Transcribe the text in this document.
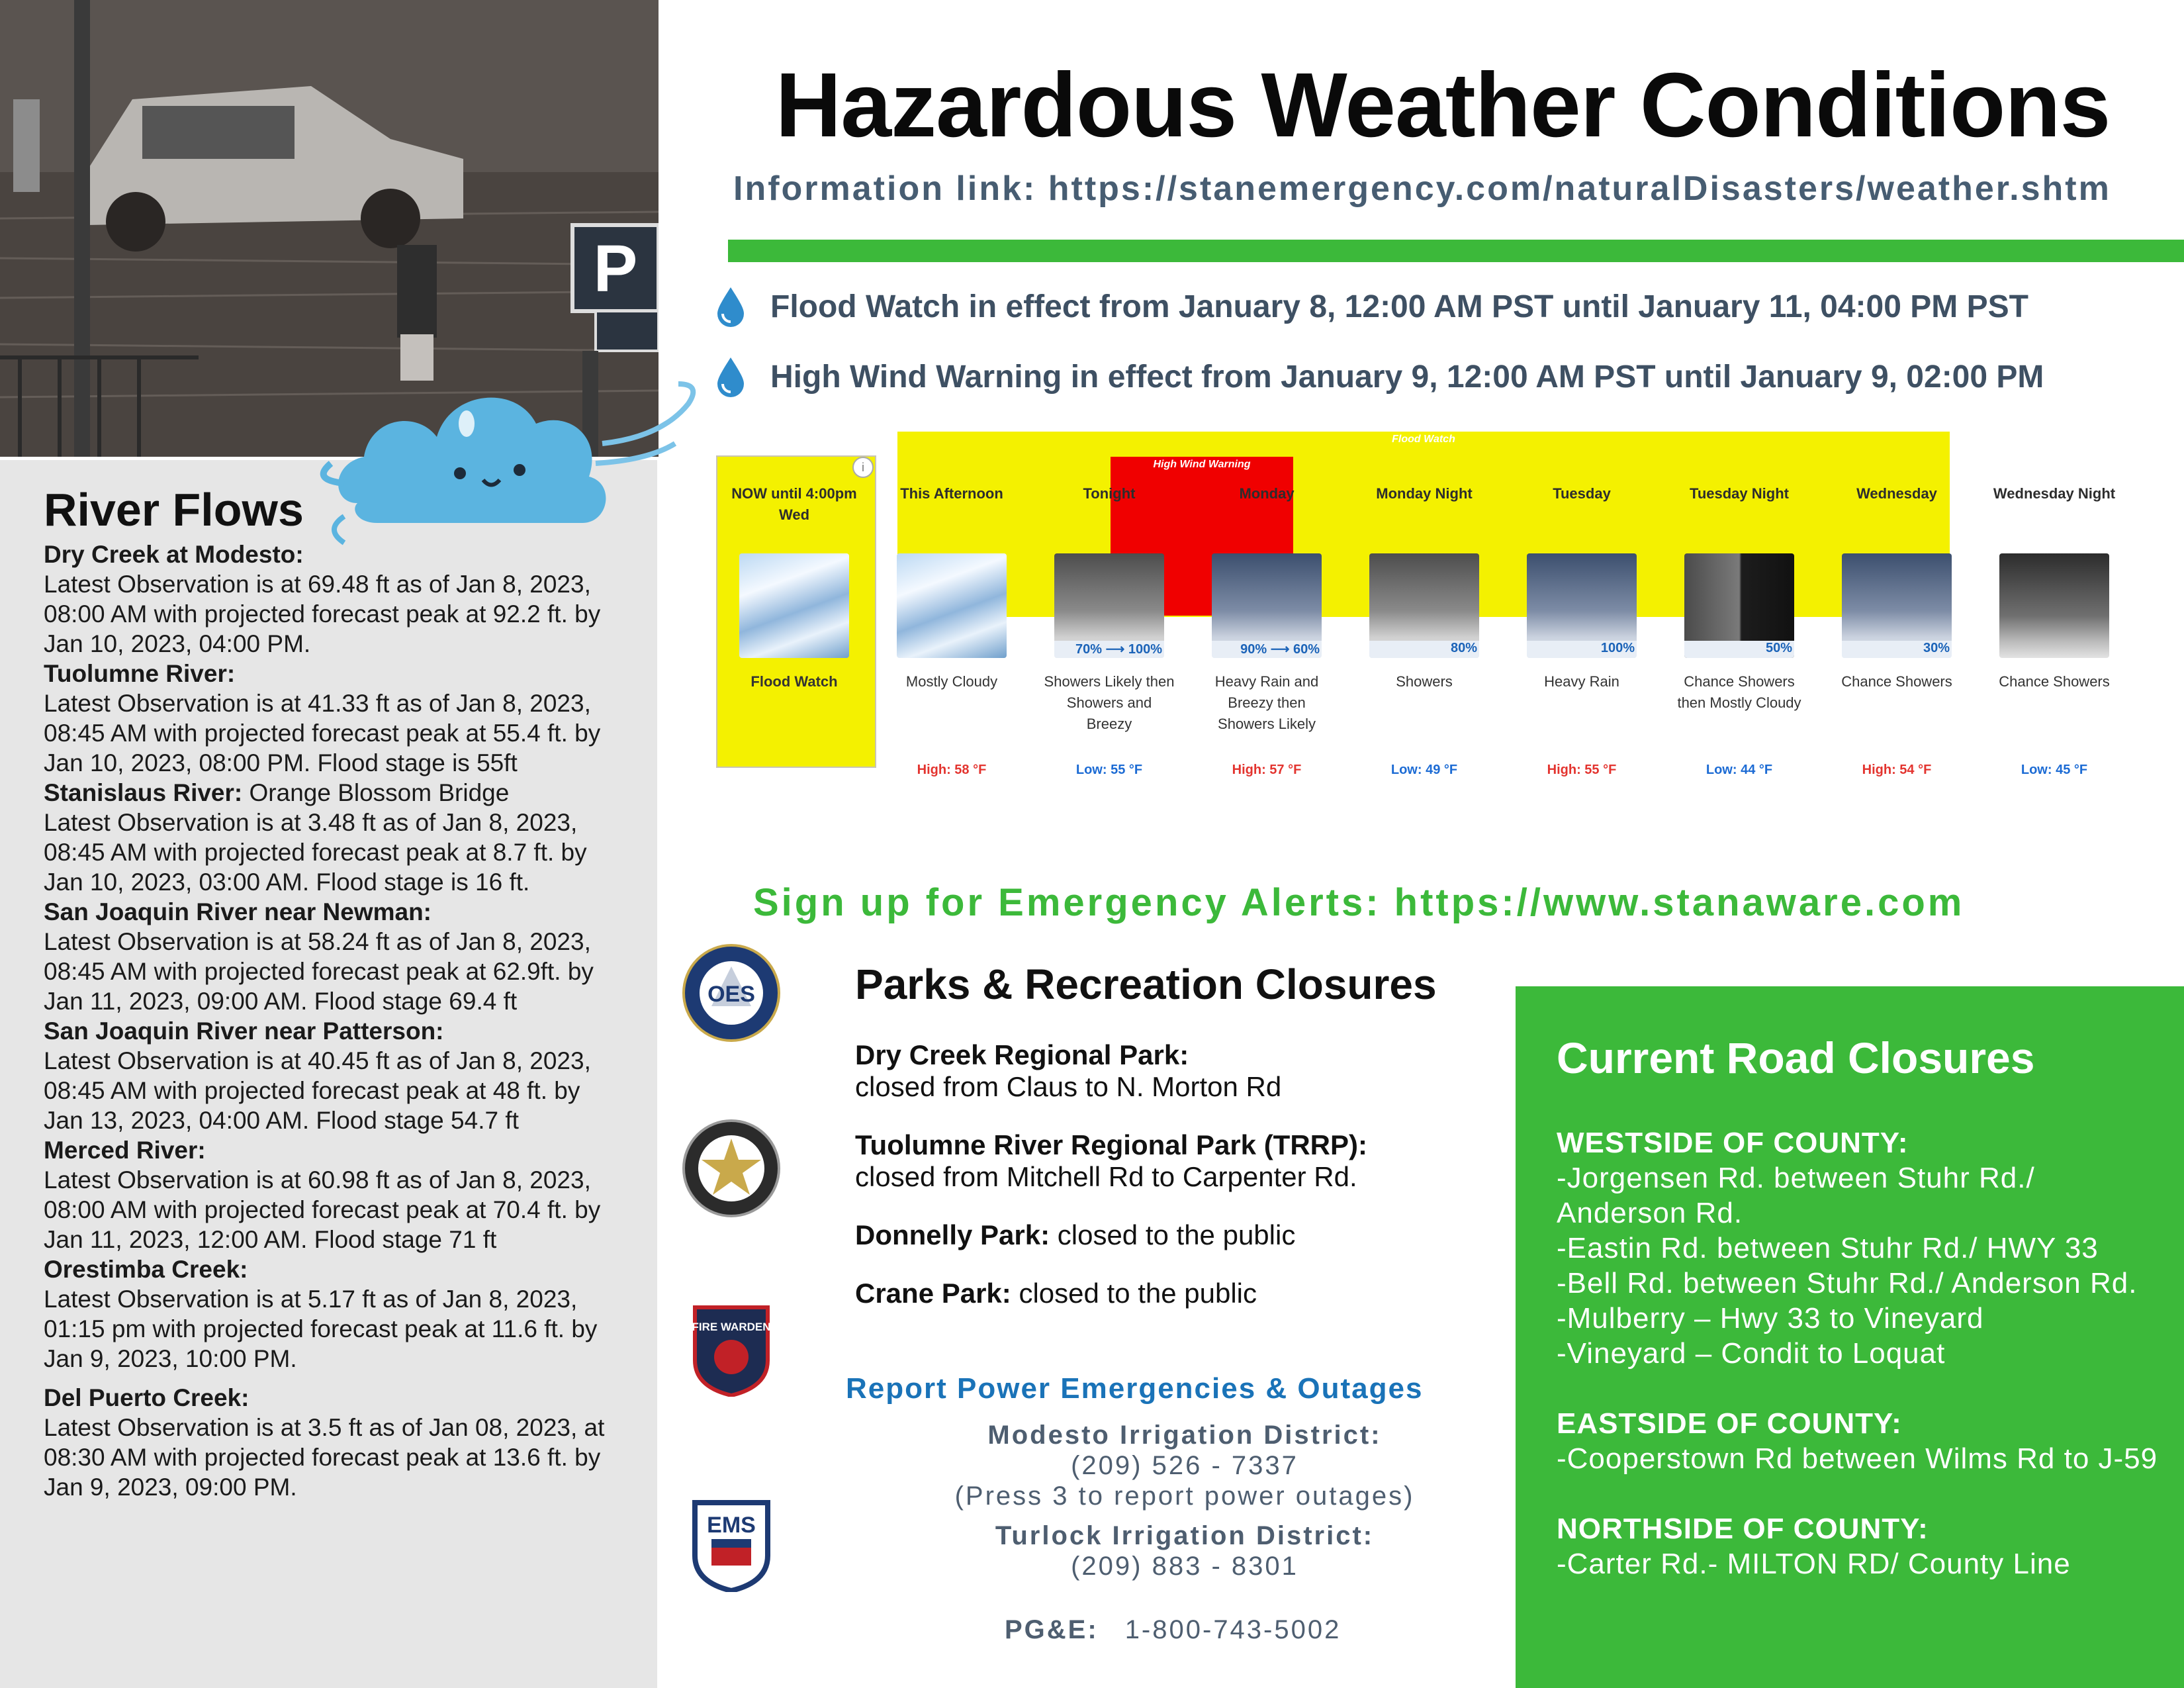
P
River Flows
Dry Creek at Modesto:
Latest Observation is at 69.48 ft as of Jan 8, 2023, 08:00 AM with projected forecast peak at 92.2 ft. by Jan 10, 2023, 04:00 PM.
Tuolumne River:
Latest Observation is at 41.33 ft as of Jan 8, 2023, 08:45 AM with projected forecast peak at 55.4 ft. by Jan 10, 2023, 08:00 PM. Flood stage is 55ft
Stanislaus River: Orange Blossom Bridge
Latest Observation is at 3.48 ft as of Jan 8, 2023, 08:45 AM with projected forecast peak at 8.7 ft. by Jan 10, 2023, 03:00 AM. Flood stage is 16 ft.
San Joaquin River near Newman:
Latest Observation is at 58.24 ft as of Jan 8, 2023, 08:45 AM with projected forecast peak at 62.9ft. by Jan 11, 2023, 09:00 AM. Flood stage 69.4 ft
San Joaquin River near Patterson:
Latest Observation is at 40.45 ft as of Jan 8, 2023, 08:45 AM with projected forecast peak at 48 ft. by Jan 13, 2023, 04:00 AM. Flood stage 54.7 ft
Merced River:
Latest Observation is at 60.98 ft as of Jan 8, 2023, 08:00 AM with projected forecast peak at 70.4 ft. by Jan 11, 2023, 12:00 AM. Flood stage 71 ft
Orestimba Creek:
Latest Observation is at 5.17 ft as of Jan 8, 2023, 01:15 pm with projected forecast peak at 11.6 ft. by Jan 9, 2023, 10:00 PM.
Del Puerto Creek:
Latest Observation is at 3.5 ft as of Jan 08, 2023, at 08:30 AM with projected forecast peak at 13.6 ft. by Jan 9, 2023, 09:00 PM.
Hazardous Weather Conditions
Information link: https://stanemergency.com/naturalDisasters/weather.shtm
Flood Watch in effect from January 8, 12:00 AM PST until January 11, 04:00 PM PST
High Wind Warning in effect from January 9, 12:00 AM PST until January 9, 02:00 PM
Flood Watch
High Wind Warning
i
NOW until 4:00pm Wed
Flood Watch
This Afternoon
Mostly Cloudy
High: 58 °F
Tonight
70% ⟶ 100%
Showers Likely then Showers and Breezy
Low: 55 °F
Monday
90% ⟶ 60%
Heavy Rain and Breezy then Showers Likely
High: 57 °F
Monday Night
80%
Showers
Low: 49 °F
Tuesday
100%
Heavy Rain
High: 55 °F
Tuesday Night
50%
Chance Showers then Mostly Cloudy
Low: 44 °F
Wednesday
30%
Chance Showers
High: 54 °F
Wednesday Night
Chance Showers
Low: 45 °F
Sign up for Emergency Alerts: https://www.stanaware.com
OES
FIRE WARDEN
EMS
Parks & Recreation Closures
Dry Creek Regional Park:
closed from Claus to N. Morton Rd
Tuolumne River Regional Park (TRRP):
closed from Mitchell Rd to Carpenter Rd.
Donnelly Park: closed to the public
Crane Park: closed to the public
Report Power Emergencies & Outages
Modesto Irrigation District:
(209) 526 - 7337
(Press 3 to report power outages)
Turlock Irrigation District:
(209) 883 - 8301
PG&E: 1-800-743-5002
Current Road Closures
WESTSIDE OF COUNTY:
-Jorgensen Rd. between Stuhr Rd./ Anderson Rd.
-Eastin Rd. between Stuhr Rd./ HWY 33
-Bell Rd. between Stuhr Rd./ Anderson Rd.
-Mulberry – Hwy 33 to Vineyard
-Vineyard – Condit to Loquat
EASTSIDE OF COUNTY:
-Cooperstown Rd between Wilms Rd to J-59
NORTHSIDE OF COUNTY:
-Carter Rd.- MILTON RD/ County Line
